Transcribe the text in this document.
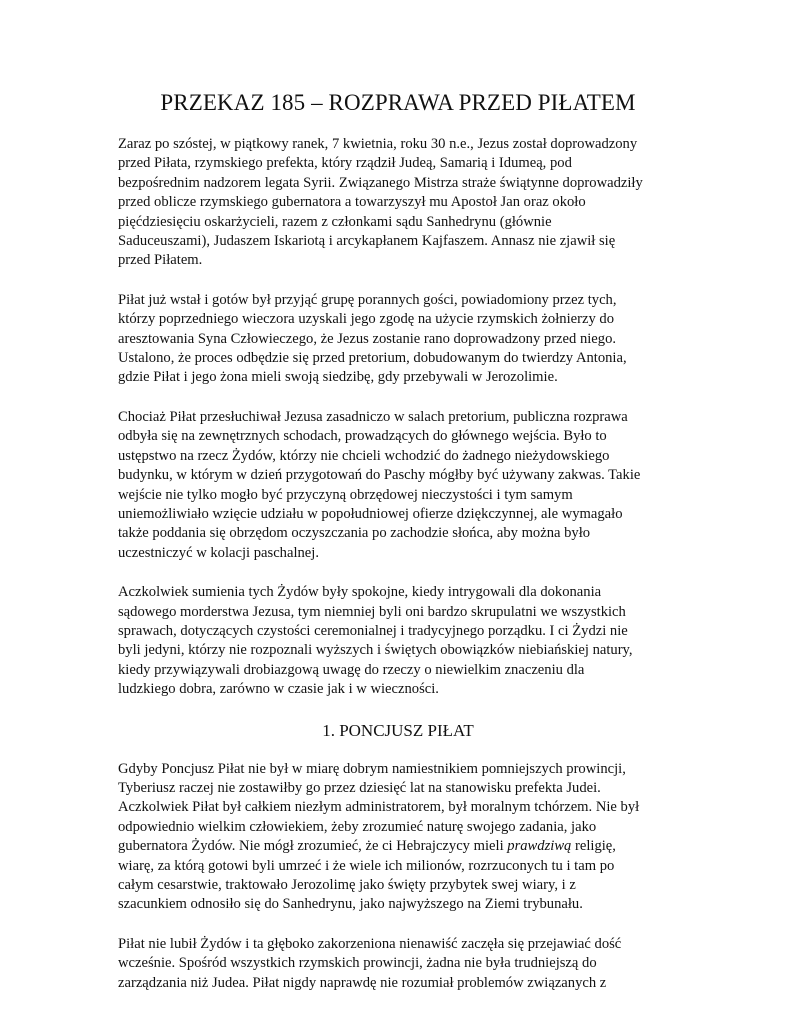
PRZEKAZ 185 – ROZPRAWA PRZED PIŁATEM

Zaraz po szóstej, w piątkowy ranek, 7 kwietnia, roku 30 n.e., Jezus został doprowadzony
przed Piłata, rzymskiego prefekta, który rządził Judeą, Samarią i Idumeą, pod
bezpośrednim nadzorem legata Syrii. Związanego Mistrza straże świątynne doprowadziły
przed oblicze rzymskiego gubernatora a towarzyszył mu Apostoł Jan oraz około
pięćdziesięciu oskarżycieli, razem z członkami sądu Sanhedrynu (głównie
Saduceuszami), Judaszem Iskariotą i arcykapłanem Kajfaszem. Annasz nie zjawił się
przed Piłatem.

Piłat już wstał i gotów był przyjąć grupę porannych gości, powiadomiony przez tych,
którzy poprzedniego wieczora uzyskali jego zgodę na użycie rzymskich żołnierzy do
aresztowania Syna Człowieczego, że Jezus zostanie rano doprowadzony przed niego.
Ustalono, że proces odbędzie się przed pretorium, dobudowanym do twierdzy Antonia,
gdzie Piłat i jego żona mieli swoją siedzibę, gdy przebywali w Jerozolimie.

Chociaż Piłat przesłuchiwał Jezusa zasadniczo w salach pretorium, publiczna rozprawa
odbyła się na zewnętrznych schodach, prowadzących do głównego wejścia. Było to
ustępstwo na rzecz Żydów, którzy nie chcieli wchodzić do żadnego nieżydowskiego
budynku, w którym w dzień przygotowań do Paschy mógłby być używany zakwas. Takie
wejście nie tylko mogło być przyczyną obrzędowej nieczystości i tym samym
uniemożliwiało wzięcie udziału w popołudniowej ofierze dziękczynnej, ale wymagało
także poddania się obrzędom oczyszczania po zachodzie słońca, aby można było
uczestniczyć w kolacji paschalnej.

Aczkolwiek sumienia tych Żydów były spokojne, kiedy intrygowali dla dokonania
sądowego morderstwa Jezusa, tym niemniej byli oni bardzo skrupulatni we wszystkich
sprawach, dotyczących czystości ceremonialnej i tradycyjnego porządku. I ci Żydzi nie
byli jedyni, którzy nie rozpoznali wyższych i świętych obowiązków niebiańskiej natury,
kiedy przywiązywali drobiazgową uwagę do rzeczy o niewielkim znaczeniu dla
ludzkiego dobra, zarówno w czasie jak i w wieczności.

1. PONCJUSZ PIŁAT

Gdyby Poncjusz Piłat nie był w miarę dobrym namiestnikiem pomniejszych prowincji,
Tyberiusz raczej nie zostawiłby go przez dziesięć lat na stanowisku prefekta Judei.
Aczkolwiek Piłat był całkiem niezłym administratorem, był moralnym tchórzem. Nie był
odpowiednio wielkim człowiekiem, żeby zrozumieć naturę swojego zadania, jako
gubernatora Żydów. Nie mógł zrozumieć, że ci Hebrajczycy mieli prawdziwą religię,
wiarę, za którą gotowi byli umrzeć i że wiele ich milionów, rozrzuconych tu i tam po
całym cesarstwie, traktowało Jerozolimę jako święty przybytek swej wiary, i z
szacunkiem odnosiło się do Sanhedrynu, jako najwyższego na Ziemi trybunału.

Piłat nie lubił Żydów i ta głęboko zakorzeniona nienawiść zaczęła się przejawiać dość
wcześnie. Spośród wszystkich rzymskich prowincji, żadna nie była trudniejszą do
zarządzania niż Judea. Piłat nigdy naprawdę nie rozumiał problemów związanych z
